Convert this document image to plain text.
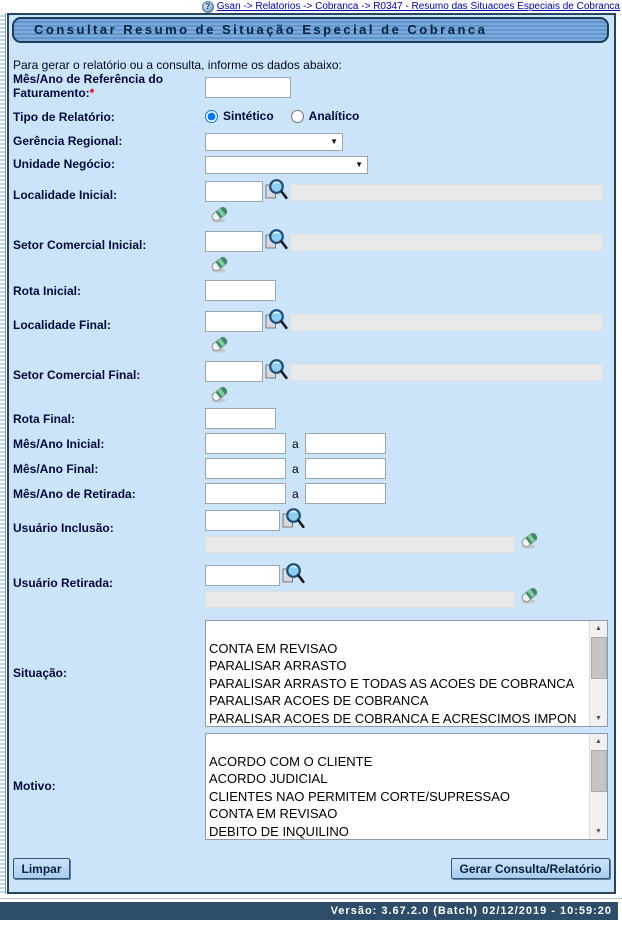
? Gsan -> Relatorios -> Cobranca -> R0347 - Resumo das Situacoes Especiais de Cobranca
Consultar Resumo de Situação Especial de Cobranca
Para gerar o relatório ou a consulta, informe os dados abaixo:
Mês/Ano de Referência do Faturamento:*
Tipo de Relatório:	Sintético	Analítico
Gerência Regional:	▼
Unidade Negócio:	▼
Localidade Inicial:
Setor Comercial Inicial:
Rota Inicial:
Localidade Final:
Setor Comercial Final:
Rota Final:
Mês/Ano Inicial:	a
Mês/Ano Final:	a
Mês/Ano de Retirada:	a
Usuário Inclusão:
Usuário Retirada:
Situação:
CONTA EM REVISAO
PARALISAR ARRASTO
PARALISAR ARRASTO E TODAS AS ACOES DE COBRANCA
PARALISAR ACOES DE COBRANCA
PARALISAR ACOES DE COBRANCA E ACRESCIMOS IMPON
▲
▼
Motivo:
ACORDO COM O CLIENTE
ACORDO JUDICIAL
CLIENTES NAO PERMITEM CORTE/SUPRESSAO
CONTA EM REVISAO
DEBITO DE INQUILINO
▲
▼
Limpar	Gerar Consulta/Relatório
Versão: 3.67.2.0 (Batch) 02/12/2019 - 10:59:20
